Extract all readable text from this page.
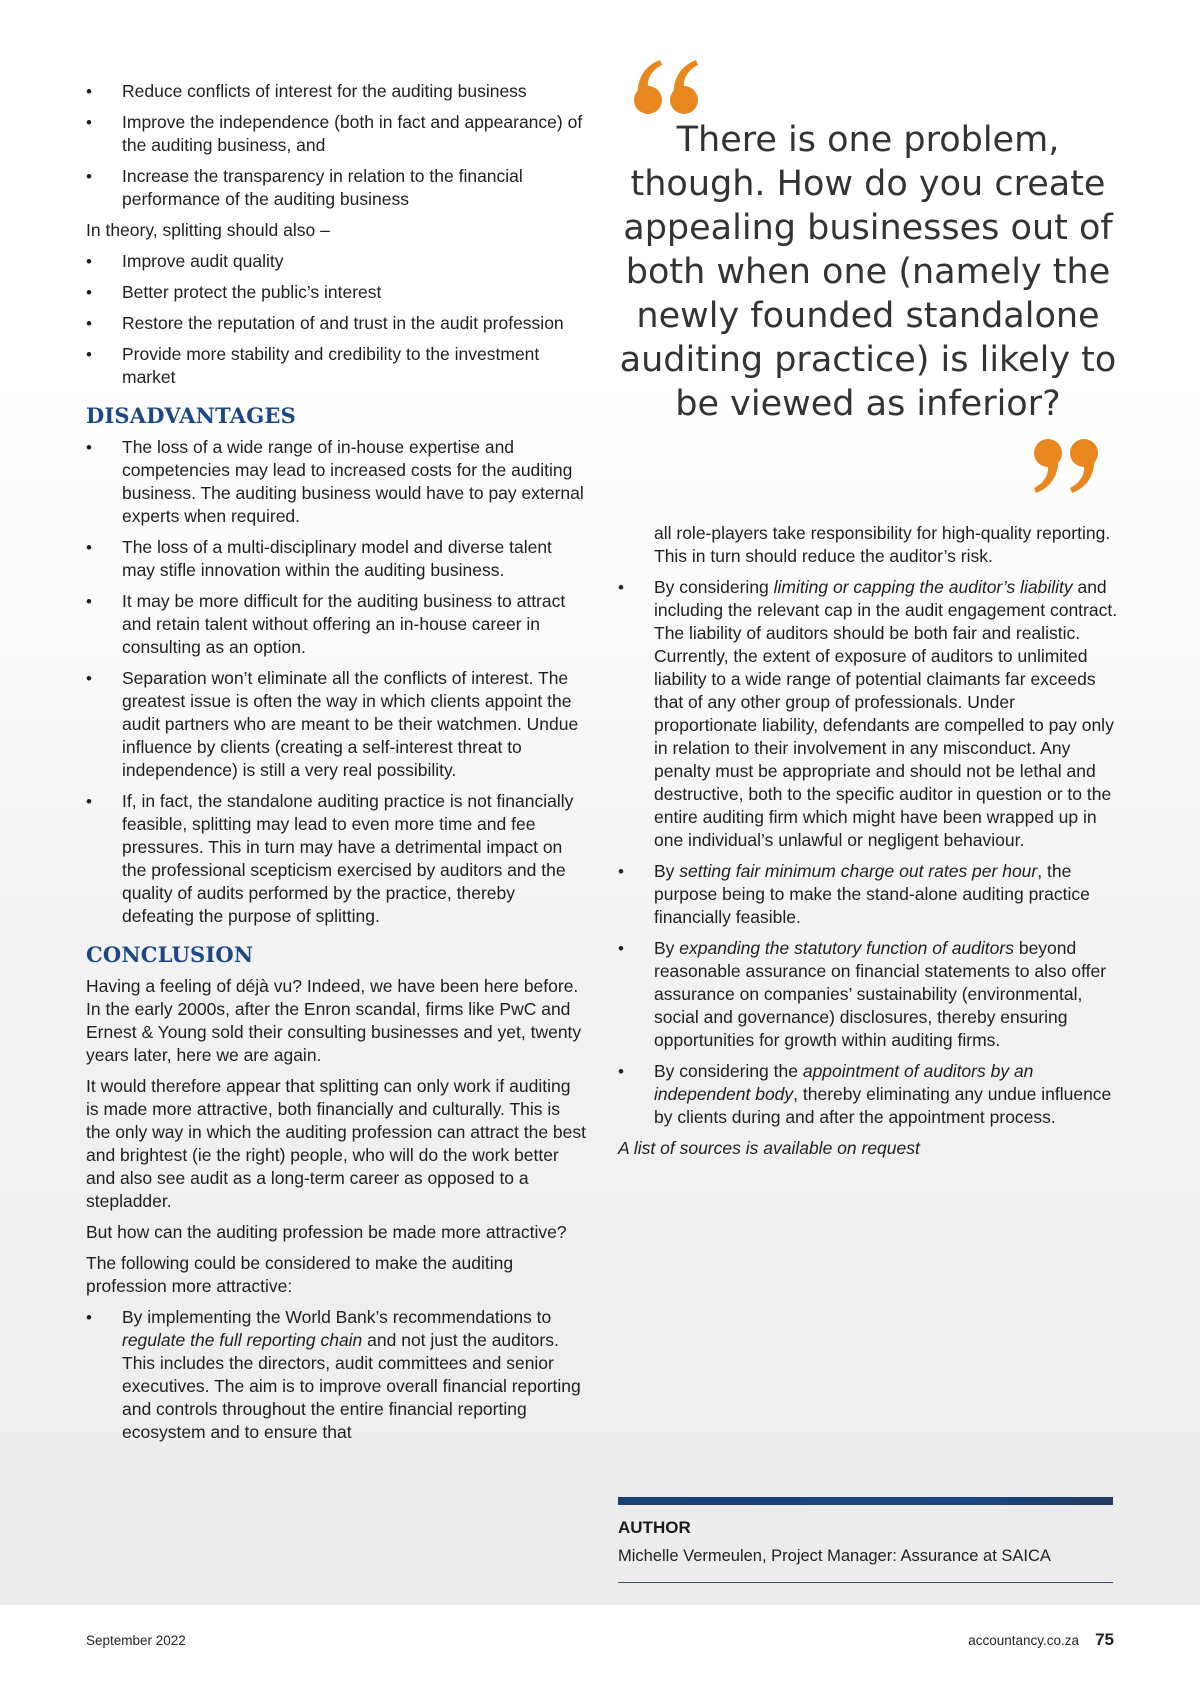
• Reduce conflicts of interest for the auditing business
• Improve the independence (both in fact and appearance) of the auditing business, and
• Increase the transparency in relation to the financial performance of the auditing business

In theory, splitting should also –

• Improve audit quality
• Better protect the public’s interest
• Restore the reputation of and trust in the audit profession
• Provide more stability and credibility to the investment market
DISADVANTAGES
• The loss of a wide range of in-house expertise and competencies may lead to increased costs for the auditing business. The auditing business would have to pay external experts when required.
• The loss of a multi-disciplinary model and diverse talent may stifle innovation within the auditing business.
• It may be more difficult for the auditing business to attract and retain talent without offering an in-house career in consulting as an option.
• Separation won’t eliminate all the conflicts of interest. The greatest issue is often the way in which clients appoint the audit partners who are meant to be their watchmen. Undue influence by clients (creating a self-interest threat to independence) is still a very real possibility.
• If, in fact, the standalone auditing practice is not financially feasible, splitting may lead to even more time and fee pressures. This in turn may have a detrimental impact on the professional scepticism exercised by auditors and the quality of audits performed by the practice, thereby defeating the purpose of splitting.
CONCLUSION

Having a feeling of déjà vu? Indeed, we have been here before. In the early 2000s, after the Enron scandal, firms like PwC and Ernest & Young sold their consulting businesses and yet, twenty years later, here we are again.

It would therefore appear that splitting can only work if auditing is made more attractive, both financially and culturally. This is the only way in which the auditing profession can attract the best and brightest (ie the right) people, who will do the work better and also see audit as a long-term career as opposed to a stepladder.

But how can the auditing profession be made more attractive?

The following could be considered to make the auditing profession more attractive:

• By implementing the World Bank’s recommendations to regulate the full reporting chain and not just the auditors. This includes the directors, audit committees and senior executives. The aim is to improve overall financial reporting and controls throughout the entire financial reporting ecosystem and to ensure that
There is one problem, though. How do you create appealing businesses out of both when one (namely the newly founded standalone auditing practice) is likely to be viewed as inferior?

all role-players take responsibility for high-quality reporting. This in turn should reduce the auditor’s risk.

• By considering limiting or capping the auditor’s liability and including the relevant cap in the audit engagement contract. The liability of auditors should be both fair and realistic. Currently, the extent of exposure of auditors to unlimited liability to a wide range of potential claimants far exceeds that of any other group of professionals. Under proportionate liability, defendants are compelled to pay only in relation to their involvement in any misconduct. Any penalty must be appropriate and should not be lethal and destructive, both to the specific auditor in question or to the entire auditing firm which might have been wrapped up in one individual’s unlawful or negligent behaviour.
• By setting fair minimum charge out rates per hour, the purpose being to make the stand-alone auditing practice financially feasible.
• By expanding the statutory function of auditors beyond reasonable assurance on financial statements to also offer assurance on companies’ sustainability (environmental, social and governance) disclosures, thereby ensuring opportunities for growth within auditing firms.
• By considering the appointment of auditors by an independent body, thereby eliminating any undue influence by clients during and after the appointment process.

A list of sources is available on request

AUTHOR
Michelle Vermeulen, Project Manager: Assurance at SAICA
September 2022	accountancy.co.za 75
